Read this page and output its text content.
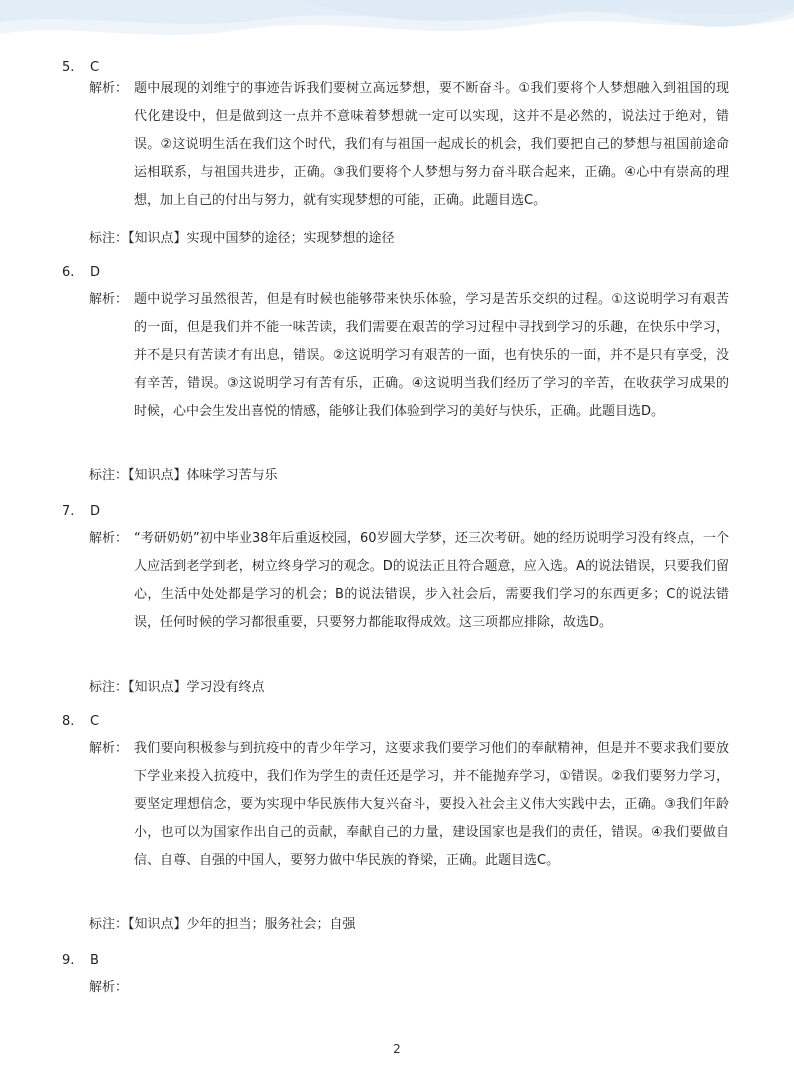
5. C
解析： 题中展现的刘维宁的事迹告诉我们要树立高远梦想，要不断奋斗。①我们要将个人梦想融入到祖国的现代化建设中，但是做到这一点并不意味着梦想就一定可以实现，这并不是必然的，说法过于绝对，错误。②这说明生活在我们这个时代，我们有与祖国一起成长的机会，我们要把自己的梦想与祖国前途命运相联系，与祖国共进步，正确。③我们要将个人梦想与努力奋斗联合起来，正确。④心中有崇高的理想，加上自己的付出与努力，就有实现梦想的可能，正确。此题目选C。
标注：【知识点】实现中国梦的途径；实现梦想的途径
6. D
解析： 题中说学习虽然很苦，但是有时候也能够带来快乐体验，学习是苦乐交织的过程。①这说明学习有艰苦的一面，但是我们并不能一味苦读，我们需要在艰苦的学习过程中寻找到学习的乐趣，在快乐中学习，并不是只有苦读才有出息，错误。②这说明学习有艰苦的一面，也有快乐的一面，并不是只有享受，没有辛苦，错误。③这说明学习有苦有乐，正确。④这说明当我们经历了学习的辛苦，在收获学习成果的时候，心中会生发出喜悦的情感，能够让我们体验到学习的美好与快乐，正确。此题目选D。
标注：【知识点】体味学习苦与乐
7. D
解析： “考研奶奶”初中毕业38年后重返校园，60岁圆大学梦，还三次考研。她的经历说明学习没有终点，一个人应活到老学到老，树立终身学习的观念。D的说法正且符合题意，应入选。A的说法错误，只要我们留心，生活中处处都是学习的机会；B的说法错误，步入社会后，需要我们学习的东西更多；C的说法错误，任何时候的学习都很重要，只要努力都能取得成效。这三项都应排除，故选D。
标注：【知识点】学习没有终点
8. C
解析： 我们要向积极参与到抗疫中的青少年学习，这要求我们要学习他们的奉献精神，但是并不要求我们要放下学业来投入抗疫中，我们作为学生的责任还是学习，并不能抛弃学习，①错误。②我们要努力学习，要坚定理想信念，要为实现中华民族伟大复兴奋斗，要投入社会主义伟大实践中去，正确。③我们年龄小，也可以为国家作出自己的贡献，奉献自己的力量，建设国家也是我们的责任，错误。④我们要做自信、自尊、自强的中国人，要努力做中华民族的脊梁，正确。此题目选C。
标注：【知识点】少年的担当；服务社会；自强
9. B
解析：
2
